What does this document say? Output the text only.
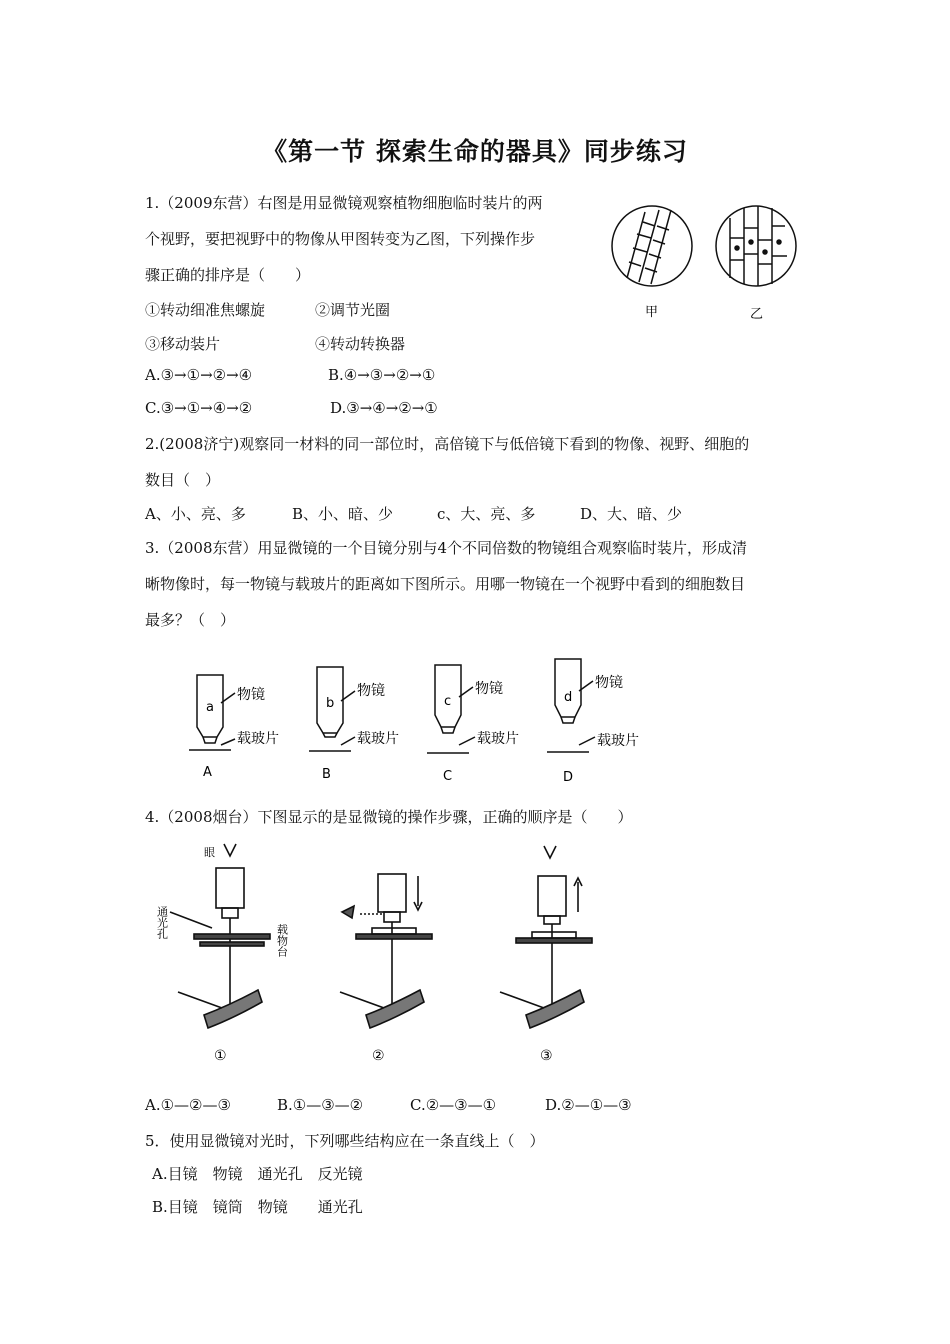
《第一节 探索生命的器具》同步练习
1.（2009东营）右图是用显微镜观察植物细胞临时装片的两
个视野，要把视野中的物像从甲图转变为乙图，下列操作步
骤正确的排序是（　　）
①转动细准焦螺旋	②调节光圈
③移动装片	④转动转换器
A.③→①→②→④	B.④→③→②→①
C.③→①→④→②	D.③→④→②→①
甲	乙
2.(2008济宁)观察同一材料的同一部位时，高倍镜下与低倍镜下看到的物像、视野、细胞的
数目（　）
A、小、亮、多	B、小、暗、少	c、大、亮、多	D、大、暗、少
3.（2008东营）用显微镜的一个目镜分别与4个不同倍数的物镜组合观察临时装片，形成清
晰物像时，每一物镜与载玻片的距离如下图所示。用哪一物镜在一个视野中看到的细胞数目
最多？（　）
a	b	c	d
物镜	物镜	物镜	物镜
载玻片	载玻片	载玻片	载玻片
A	B	C	D
4.（2008烟台）下图显示的是显微镜的操作步骤，正确的顺序是（　　）
眼
通光孔
载物台
①	②	③
A.①—②—③	B.①—③—②	C.②—③—①	D.②—①—③
5．使用显微镜对光时，下列哪些结构应在一条直线上（　）
A.目镜　物镜　通光孔　反光镜
B.目镜　镜筒　物镜　　通光孔
